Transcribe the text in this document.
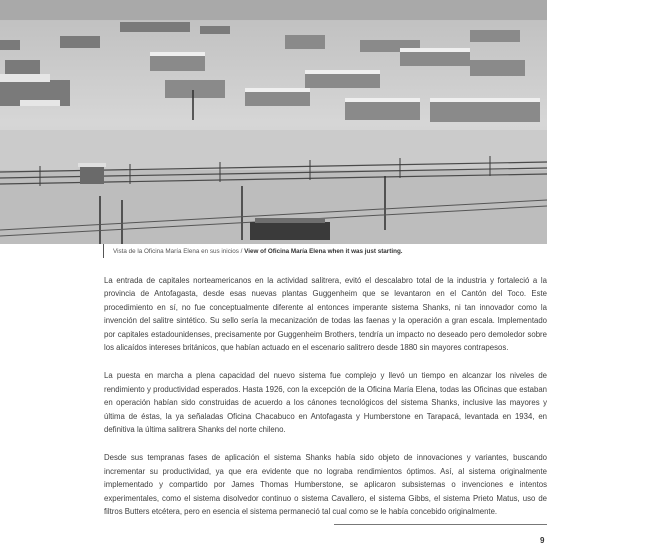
Vista de la Oficina María Elena en sus inicios / View of Oficina María Elena when it was just starting.

La entrada de capitales norteamericanos en la actividad salitrera, evitó el descalabro total de la industria y fortaleció a la provincia de Antofagasta, desde esas nuevas plantas Guggenheim que se levantaron en el Cantón del Toco. Este procedimiento en sí, no fue conceptualmente diferente al entonces imperante sistema Shanks, ni tan innovador como la invención del salitre sintético. Su sello sería la mecanización de todas las faenas y la operación a gran escala. Implementado por capitales estadounidenses, precisamente por Guggenheim Brothers, tendría un impacto no deseado pero demoledor sobre los alicaídos intereses británicos, que habían actuado en el escenario salitrero desde 1880 sin mayores contrapesos.

La puesta en marcha a plena capacidad del nuevo sistema fue complejo y llevó un tiempo en alcanzar los niveles de rendimiento y productividad esperados. Hasta 1926, con la excepción de la Oficina María Elena, todas las Oficinas que estaban en operación habían sido construidas de acuerdo a los cánones tecnológicos del sistema Shanks, inclusive las mayores y última de éstas, la ya señaladas Oficina Chacabuco en Antofagasta y Humberstone en Tarapacá, levantada en 1934, en definitiva la última salitrera Shanks del norte chileno.

Desde sus tempranas fases de aplicación el sistema Shanks había sido objeto de innovaciones y variantes, buscando incrementar su productividad, ya que era evidente que no lograba rendimientos óptimos. Así, al sistema originalmente implementado y compartido por James Thomas Humberstone, se aplicaron subsistemas o invenciones e intentos experimentales, como el sistema disolvedor continuo o sistema Cavallero, el sistema Gibbs, el sistema Prieto Matus, uso de filtros Butters etcétera, pero en esencia el sistema permaneció tal cual como se le había concebido originalmente.

9
